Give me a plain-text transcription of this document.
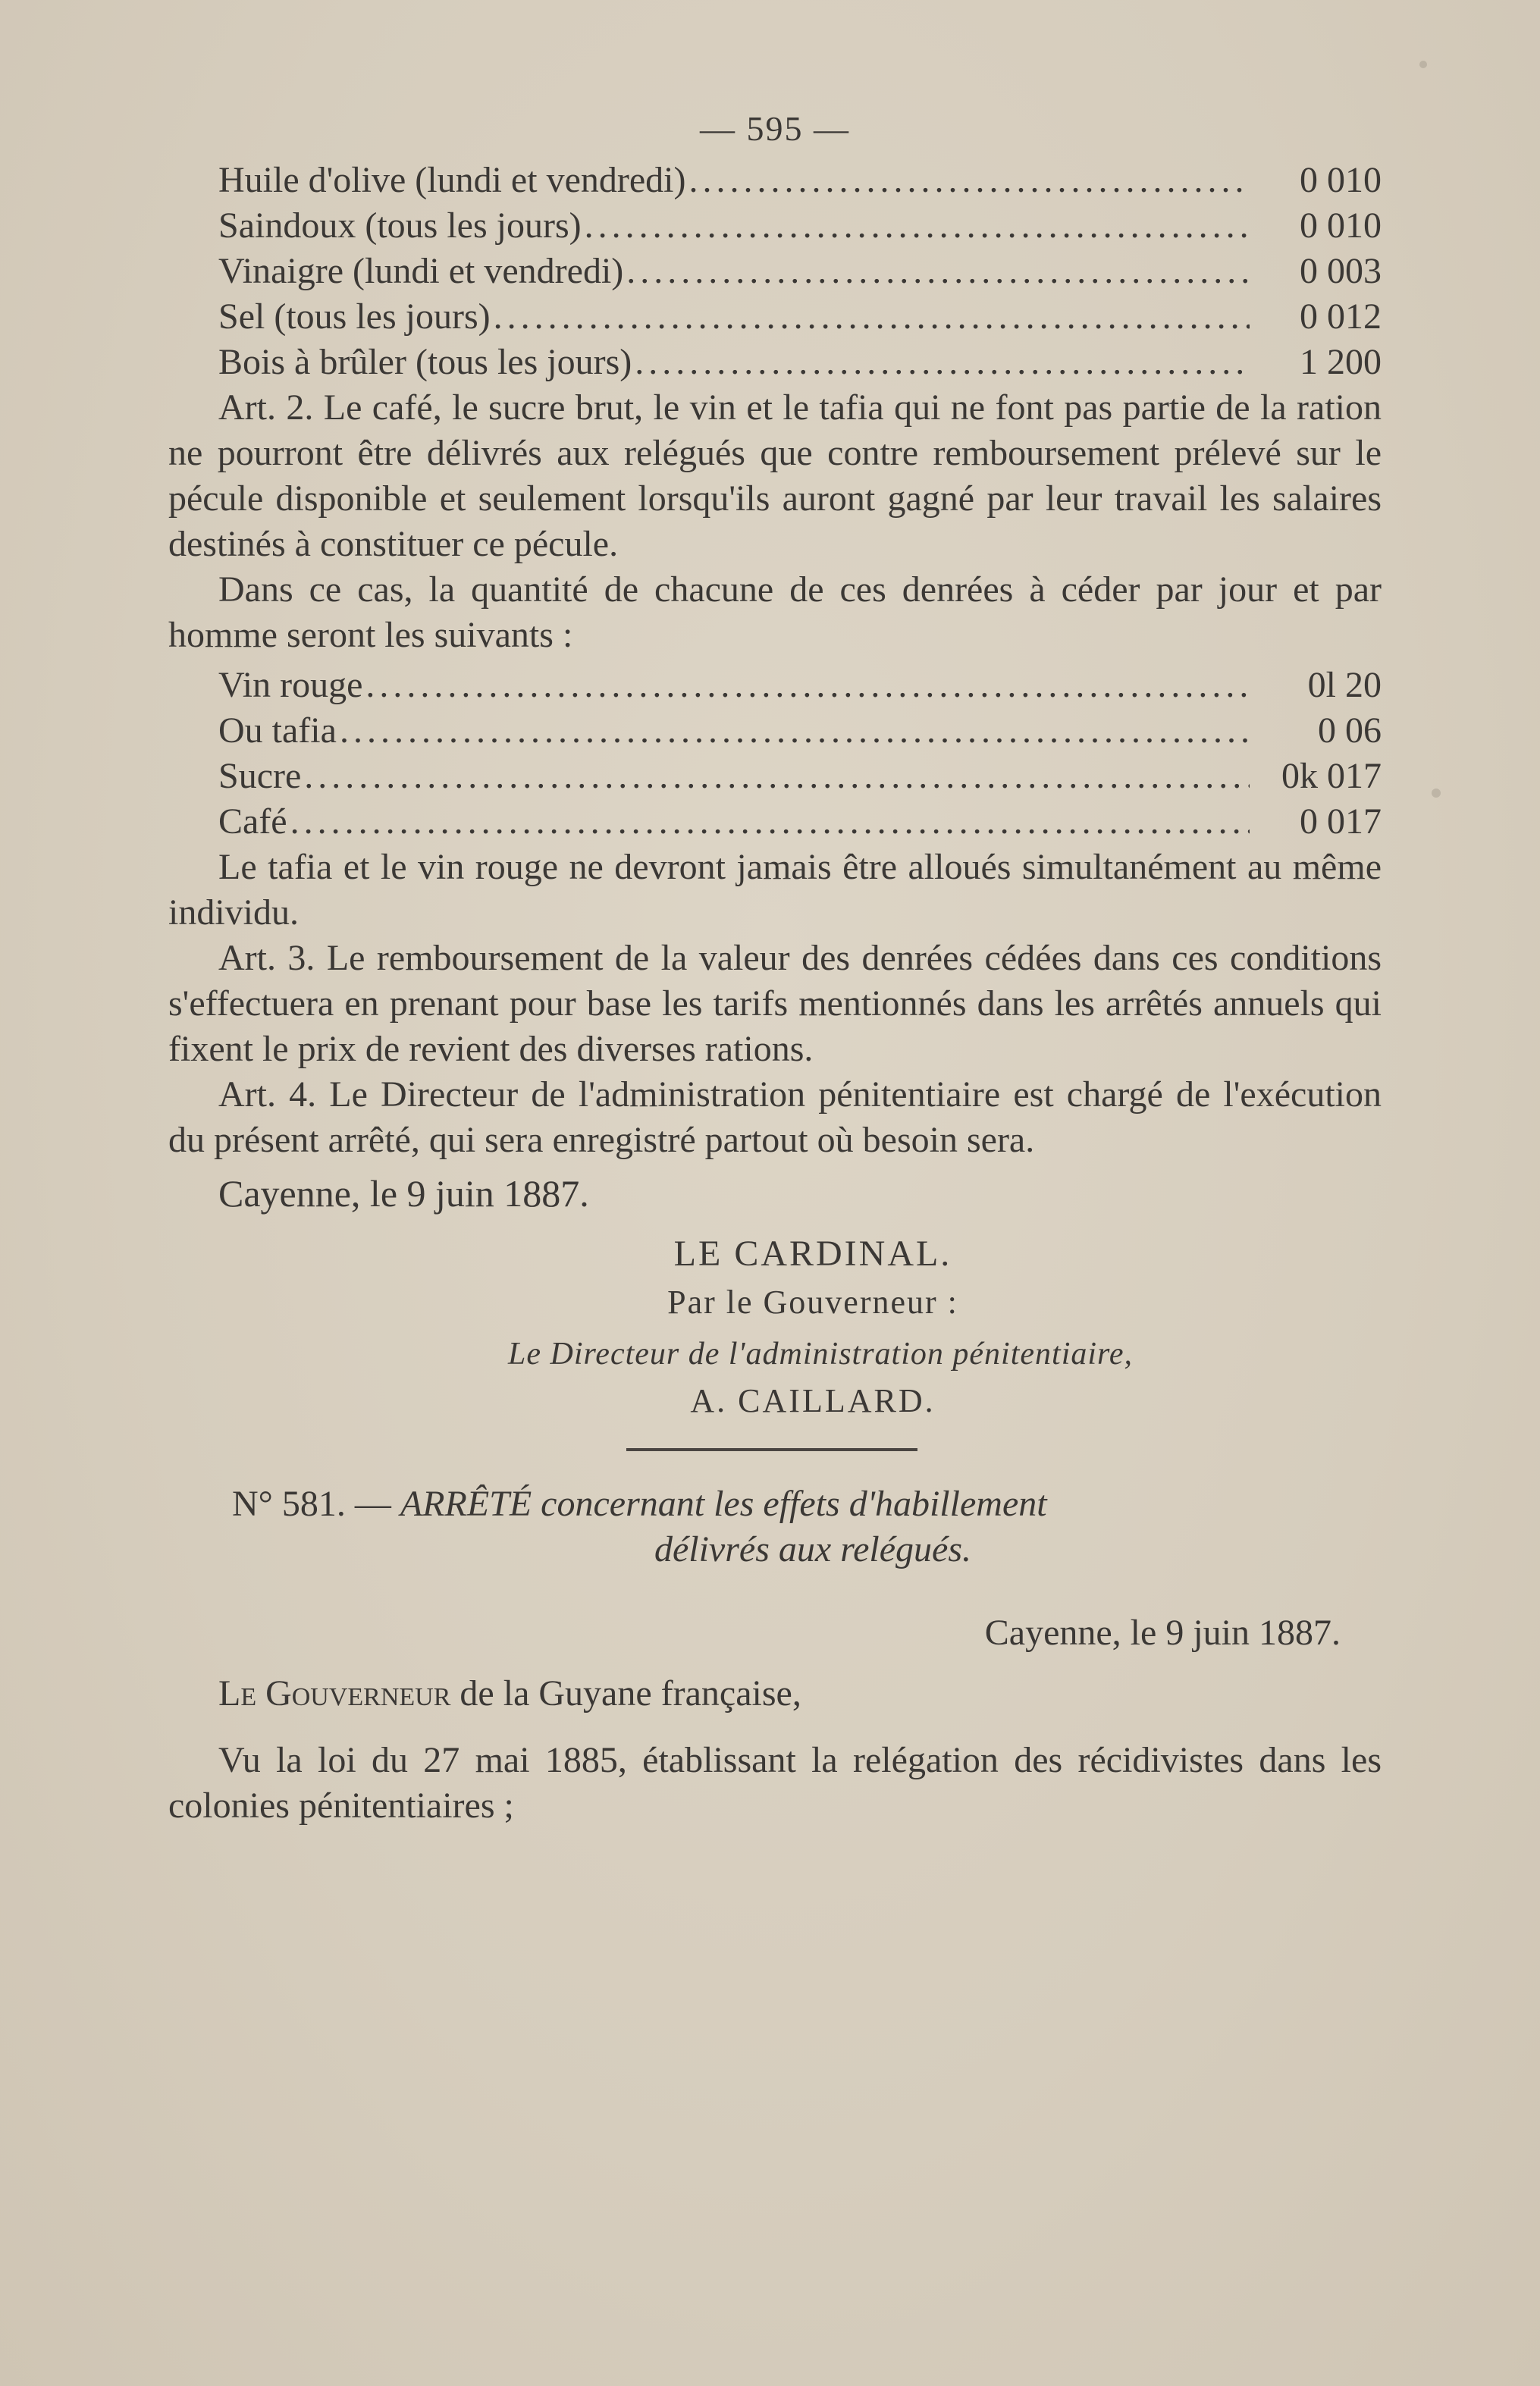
— 595 —
Huile d'olive (lundi et vendredi) .....	0 010
Saindoux (tous les jours) .....	0 010
Vinaigre (lundi et vendredi) .....	0 003
Sel (tous les jours) .....	0 012
Bois à brûler (tous les jours) .....	1 200

Art. 2. Le café, le sucre brut, le vin et le tafia qui ne font pas partie de la ration ne pourront être délivrés aux relégués que contre remboursement prélevé sur le pécule disponible et seulement lorsqu'ils auront gagné par leur travail les salaires destinés à constituer ce pécule.

Dans ce cas, la quantité de chacune de ces denrées à céder par jour et par homme seront les suivants :

Vin rouge .....	0l 20
Ou tafia .....	0 06
Sucre .....	0k 017
Café .....	0 017

Le tafia et le vin rouge ne devront jamais être alloués simultanément au même individu.

Art. 3. Le remboursement de la valeur des denrées cédées dans ces conditions s'effectuera en prenant pour base les tarifs mentionnés dans les arrêtés annuels qui fixent le prix de revient des diverses rations.

Art. 4. Le Directeur de l'administration pénitentiaire est chargé de l'exécution du présent arrêté, qui sera enregistré partout où besoin sera.

Cayenne, le 9 juin 1887.
LE CARDINAL.
Par le Gouverneur :
Le Directeur de l'administration pénitentiaire,
A. CAILLARD.

N° 581. — ARRÊTÉ concernant les effets d'habillement

délivrés aux relégués.

Cayenne, le 9 juin 1887.

Le Gouverneur de la Guyane française,

Vu la loi du 27 mai 1885, établissant la relégation des récidivistes dans les colonies pénitentiaires ;
